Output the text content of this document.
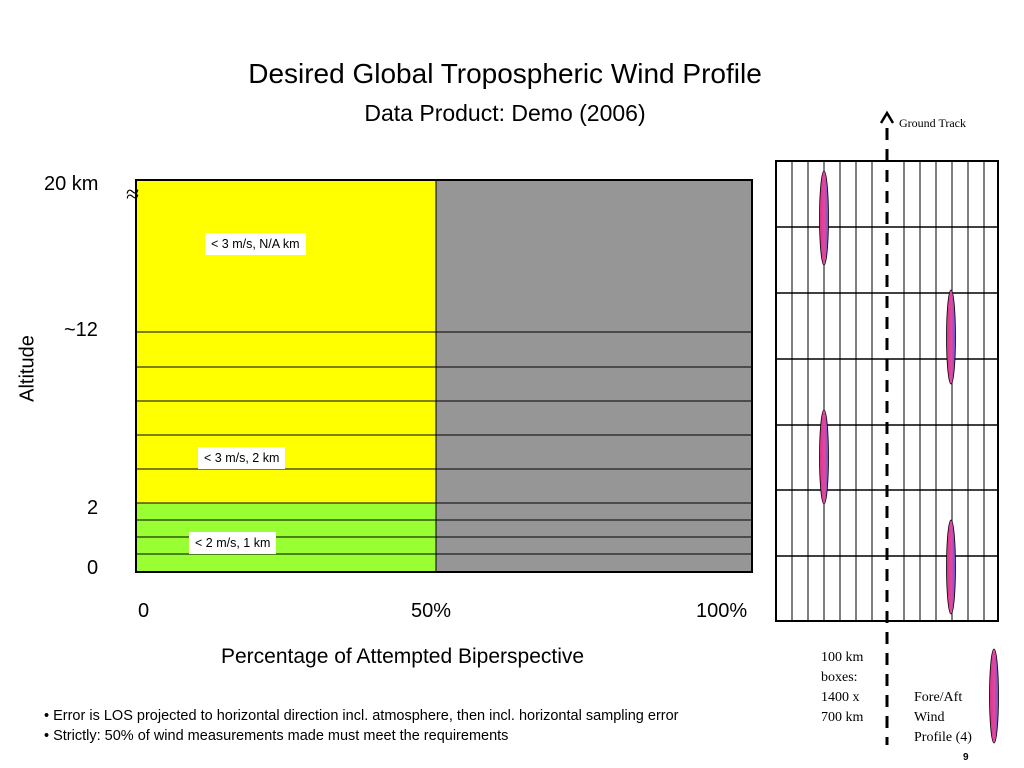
Desired Global Tropospheric Wind Profile
Data Product: Demo (2006)
< 3 m/s, N/A km
< 3 m/s, 2 km
< 2 m/s, 1 km
Altitude
20 km ≈
~12
2
0
0	50%	100%
Percentage of Attempted Biperspective
• Error is LOS projected to horizontal direction incl. atmosphere, then incl. horizontal sampling error
• Strictly: 50% of wind measurements made must meet the requirements
Ground Track
100 km
boxes:
1400 x
700 km
Fore/Aft
Wind
Profile (4)
9
